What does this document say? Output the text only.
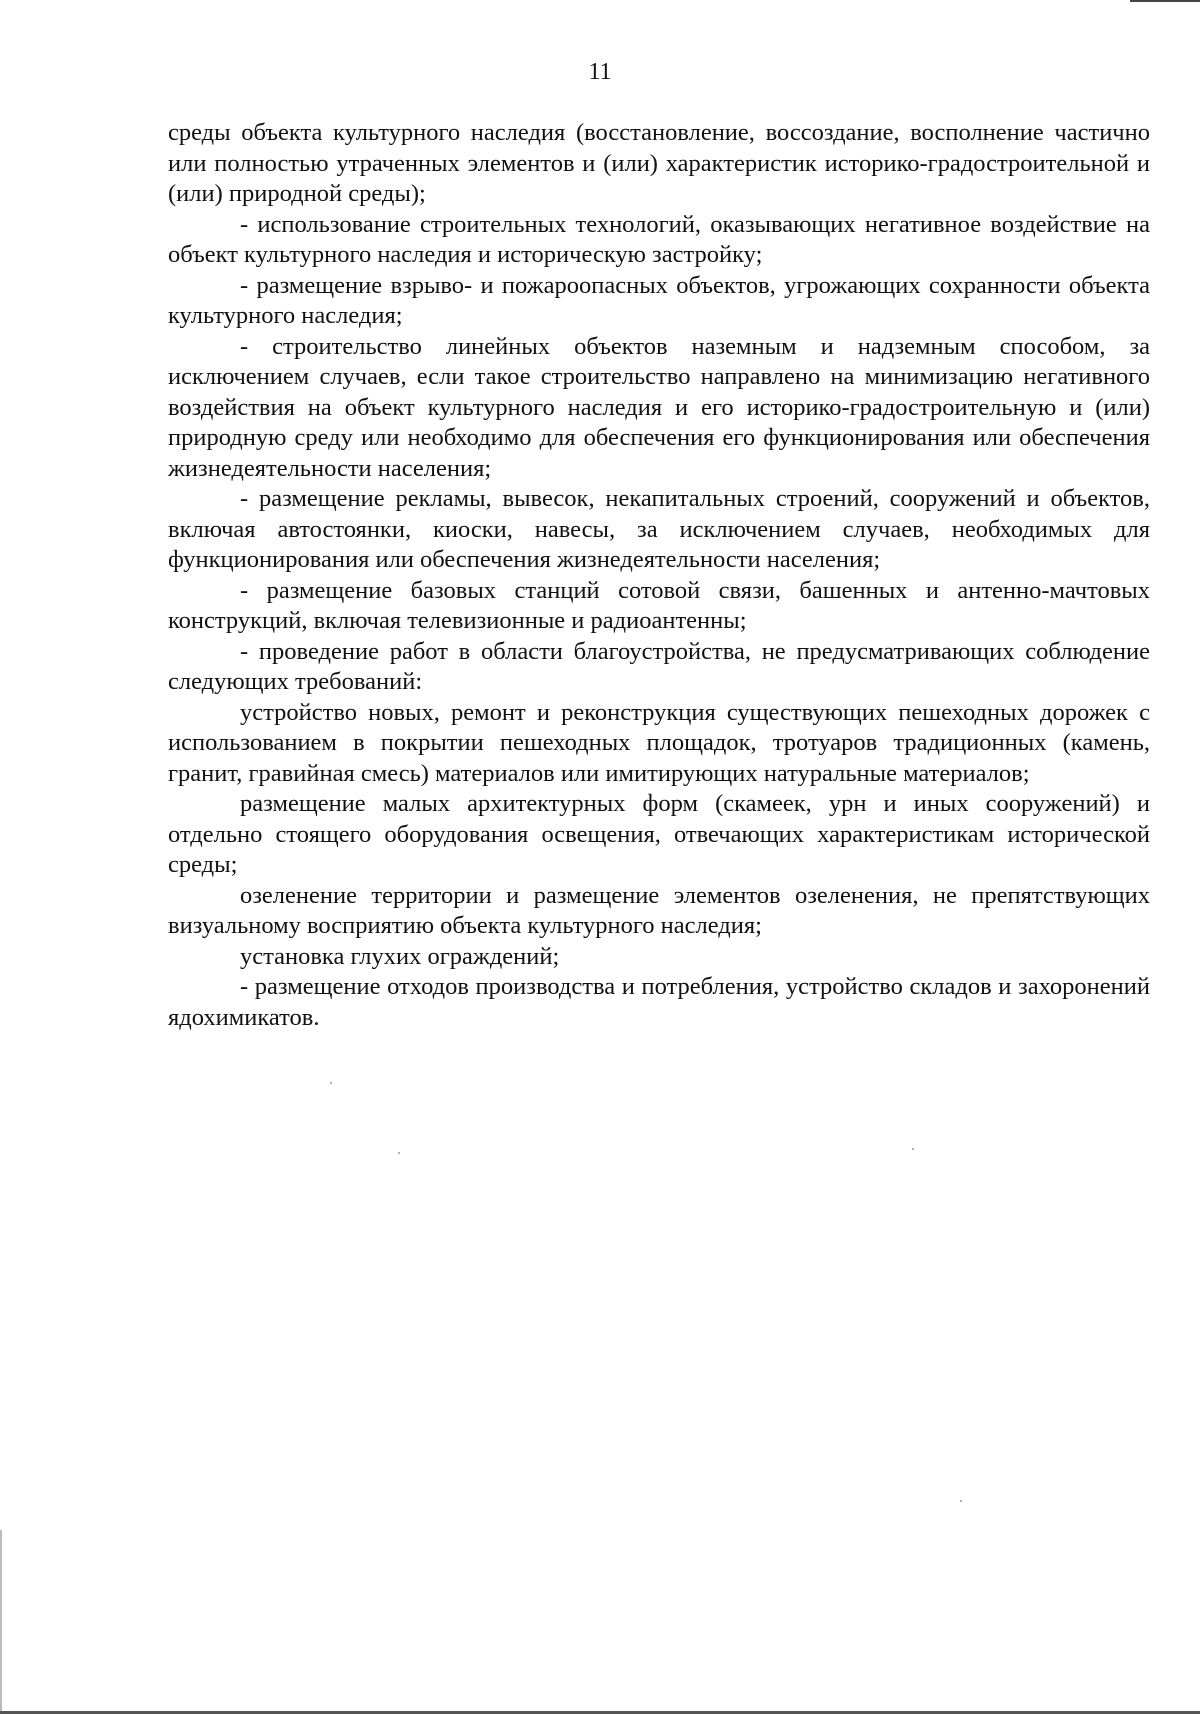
11

среды объекта культурного наследия (восстановление, воссоздание, восполнение частично или полностью утраченных элементов и (или) характеристик историко-градостроительной и (или) природной среды);

- использование строительных технологий, оказывающих негативное воздействие на объект культурного наследия и историческую застройку;

- размещение взрыво- и пожароопасных объектов, угрожающих сохранности объекта культурного наследия;

- строительство линейных объектов наземным и надземным способом, за исключением случаев, если такое строительство направлено на минимизацию негативного воздействия на объект культурного наследия и его историко-градостроительную и (или) природную среду или необходимо для обеспечения его функционирования или обеспечения жизнедеятельности населения;

- размещение рекламы, вывесок, некапитальных строений, сооружений и объектов, включая автостоянки, киоски, навесы, за исключением случаев, необходимых для функционирования или обеспечения жизнедеятельности населения;

- размещение базовых станций сотовой связи, башенных и антенно-мачтовых конструкций, включая телевизионные и радиоантенны;

- проведение работ в области благоустройства, не предусматривающих соблюдение следующих требований:

устройство новых, ремонт и реконструкция существующих пешеходных дорожек с использованием в покрытии пешеходных площадок, тротуаров традиционных (камень, гранит, гравийная смесь) материалов или имитирующих натуральные материалов;

размещение малых архитектурных форм (скамеек, урн и иных сооружений) и отдельно стоящего оборудования освещения, отвечающих характеристикам исторической среды;

озеленение территории и размещение элементов озеленения, не препятствующих визуальному восприятию объекта культурного наследия;

установка глухих ограждений;

- размещение отходов производства и потребления, устройство складов и захоронений ядохимикатов.
